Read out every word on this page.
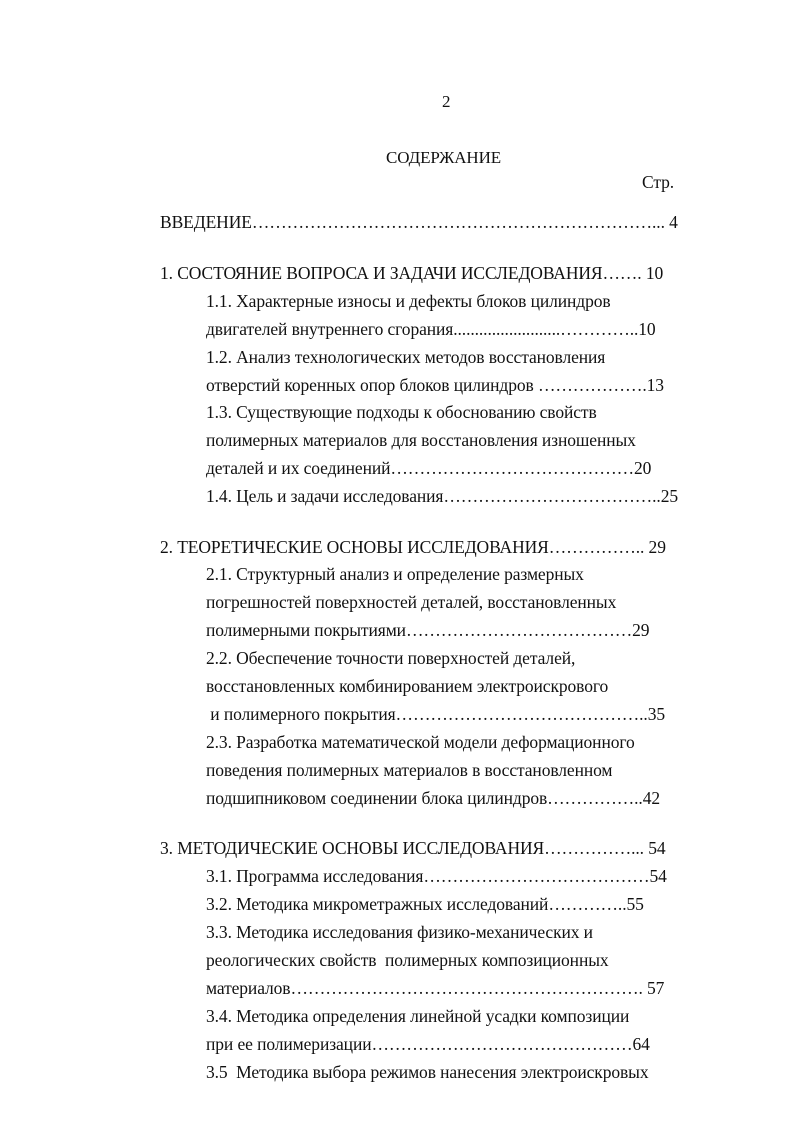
2
СОДЕРЖАНИЕ
Стр.
ВВЕДЕНИЕ……………………………………………………………... 4
1. СОСТОЯНИЕ ВОПРОСА И ЗАДАЧИ ИССЛЕДОВАНИЯ……. 10
1.1. Характерные износы и дефекты блоков цилиндров
двигателей внутреннего сгорания.........................…………..10
1.2. Анализ технологических методов восстановления
отверстий коренных опор блоков цилиндров ……………….13
1.3. Существующие подходы к обоснованию свойств
полимерных материалов для восстановления изношенных
деталей и их соединений……………………………………20
1.4. Цель и задачи исследования………………………………..25
2. ТЕОРЕТИЧЕСКИЕ ОСНОВЫ ИССЛЕДОВАНИЯ…………….. 29
2.1. Структурный анализ и определение размерных
погрешностей поверхностей деталей, восстановленных
полимерными покрытиями…………………………………29
2.2. Обеспечение точности поверхностей деталей,
восстановленных комбинированием электроискрового
и полимерного покрытия……………………………………..35
2.3. Разработка математической модели деформационного
поведения полимерных материалов в восстановленном
подшипниковом соединении блока цилиндров……………..42
3. МЕТОДИЧЕСКИЕ ОСНОВЫ ИССЛЕДОВАНИЯ……………... 54
3.1. Программа исследования…………………………………54
3.2. Методика микрометражных исследований…………..55
3.3. Методика исследования физико-механических и
реологических свойств  полимерных композиционных
материалов……………………………………………………. 57
3.4. Методика определения линейной усадки композиции
при ее полимеризации………………………………………64
3.5  Методика выбора режимов нанесения электроискровых
